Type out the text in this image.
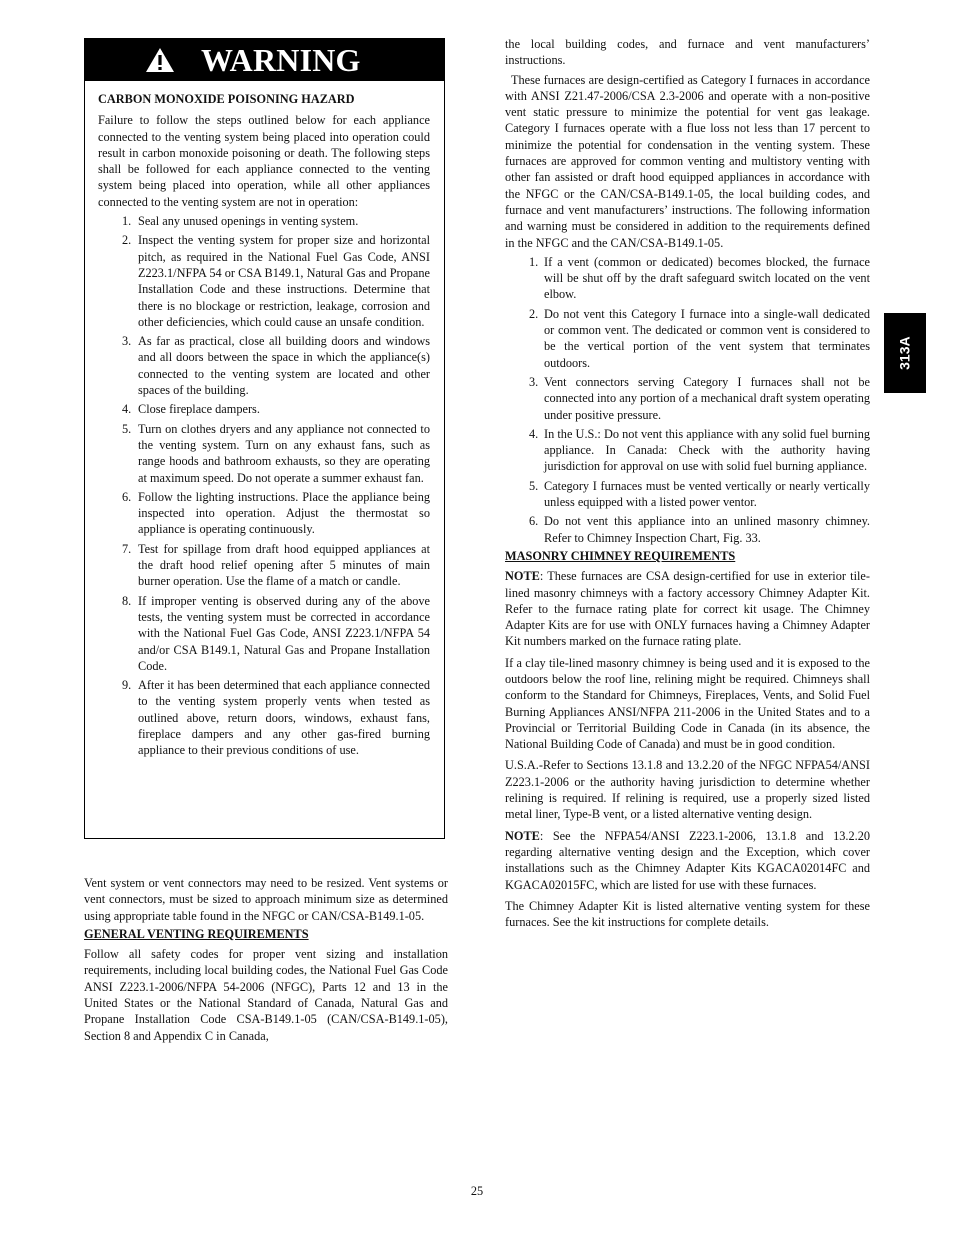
WARNING

CARBON MONOXIDE POISONING HAZARD

Failure to follow the steps outlined below for each appliance connected to the venting system being placed into operation could result in carbon monoxide poisoning or death. The following steps shall be followed for each appliance connected to the venting system being placed into operation, while all other appliances connected to the venting system are not in operation:

1. Seal any unused openings in venting system.
2. Inspect the venting system for proper size and horizontal pitch, as required in the National Fuel Gas Code, ANSI Z223.1/NFPA 54 or CSA B149.1, Natural Gas and Propane Installation Code and these instructions. Determine that there is no blockage or restriction, leakage, corrosion and other deficiencies, which could cause an unsafe condition.
3. As far as practical, close all building doors and windows and all doors between the space in which the appliance(s) connected to the venting system are located and other spaces of the building.
4. Close fireplace dampers.
5. Turn on clothes dryers and any appliance not connected to the venting system. Turn on any exhaust fans, such as range hoods and bathroom exhausts, so they are operating at maximum speed. Do not operate a summer exhaust fan.
6. Follow the lighting instructions. Place the appliance being inspected into operation. Adjust the thermostat so appliance is operating continuously.
7. Test for spillage from draft hood equipped appliances at the draft hood relief opening after 5 minutes of main burner operation. Use the flame of a match or candle.
8. If improper venting is observed during any of the above tests, the venting system must be corrected in accordance with the National Fuel Gas Code, ANSI Z223.1/NFPA 54 and/or CSA B149.1, Natural Gas and Propane Installation Code.
9. After it has been determined that each appliance connected to the venting system properly vents when tested as outlined above, return doors, windows, exhaust fans, fireplace dampers and any other gas-fired burning appliance to their previous conditions of use.

Vent system or vent connectors may need to be resized. Vent systems or vent connectors, must be sized to approach minimum size as determined using appropriate table found in the NFGC or CAN/CSA-B149.1-05.

GENERAL VENTING REQUIREMENTS

Follow all safety codes for proper vent sizing and installation requirements, including local building codes, the National Fuel Gas Code ANSI Z223.1-2006/NFPA 54-2006 (NFGC), Parts 12 and 13 in the United States or the National Standard of Canada, Natural Gas and Propane Installation Code CSA-B149.1-05 (CAN/CSA-B149.1-05), Section 8 and Appendix C in Canada,

the local building codes, and furnace and vent manufacturers’ instructions.

These furnaces are design-certified as Category I furnaces in accordance with ANSI Z21.47-2006/CSA 2.3-2006 and operate with a non-positive vent static pressure to minimize the potential for vent gas leakage. Category I furnaces operate with a flue loss not less than 17 percent to minimize the potential for condensation in the venting system. These furnaces are approved for common venting and multistory venting with other fan assisted or draft hood equipped appliances in accordance with the NFGC or the CAN/CSA-B149.1-05, the local building codes, and furnace and vent manufacturers’ instructions. The following information and warning must be considered in addition to the requirements defined in the NFGC and the CAN/CSA-B149.1-05.

1. If a vent (common or dedicated) becomes blocked, the furnace will be shut off by the draft safeguard switch located on the vent elbow.
2. Do not vent this Category I furnace into a single-wall dedicated or common vent. The dedicated or common vent is considered to be the vertical portion of the vent system that terminates outdoors.
3. Vent connectors serving Category I furnaces shall not be connected into any portion of a mechanical draft system operating under positive pressure.
4. In the U.S.: Do not vent this appliance with any solid fuel burning appliance. In Canada: Check with the authority having jurisdiction for approval on use with solid fuel burning appliance.
5. Category I furnaces must be vented vertically or nearly vertically unless equipped with a listed power ventor.
6. Do not vent this appliance into an unlined masonry chimney. Refer to Chimney Inspection Chart, Fig. 33.

MASONRY CHIMNEY REQUIREMENTS

NOTE: These furnaces are CSA design-certified for use in exterior tile-lined masonry chimneys with a factory accessory Chimney Adapter Kit. Refer to the furnace rating plate for correct kit usage. The Chimney Adapter Kits are for use with ONLY furnaces having a Chimney Adapter Kit numbers marked on the furnace rating plate.

If a clay tile-lined masonry chimney is being used and it is exposed to the outdoors below the roof line, relining might be required. Chimneys shall conform to the Standard for Chimneys, Fireplaces, Vents, and Solid Fuel Burning Appliances ANSI/NFPA 211-2006 in the United States and to a Provincial or Territorial Building Code in Canada (in its absence, the National Building Code of Canada) and must be in good condition.

U.S.A.-Refer to Sections 13.1.8 and 13.2.20 of the NFGC NFPA54/ANSI Z223.1-2006 or the authority having jurisdiction to determine whether relining is required. If relining is required, use a properly sized listed metal liner, Type-B vent, or a listed alternative venting design.

NOTE: See the NFPA54/ANSI Z223.1-2006, 13.1.8 and 13.2.20 regarding alternative venting design and the Exception, which cover installations such as the Chimney Adapter Kits KGACA02014FC and KGACA02015FC, which are listed for use with these furnaces.

The Chimney Adapter Kit is listed alternative venting system for these furnaces. See the kit instructions for complete details.

313A
25
